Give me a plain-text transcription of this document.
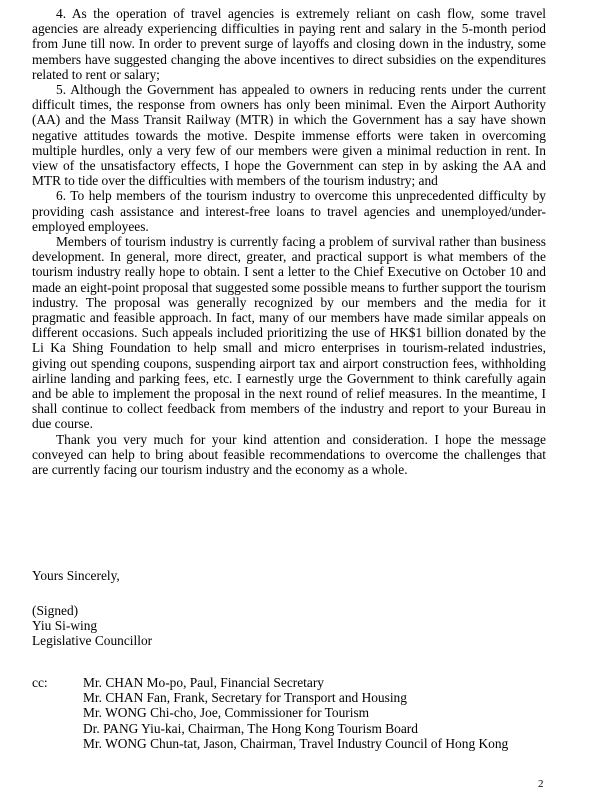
4. As the operation of travel agencies is extremely reliant on cash flow, some travel agencies are already experiencing difficulties in paying rent and salary in the 5-month period from June till now. In order to prevent surge of layoffs and closing down in the industry, some members have suggested changing the above incentives to direct subsidies on the expenditures related to rent or salary;

5. Although the Government has appealed to owners in reducing rents under the current difficult times, the response from owners has only been minimal. Even the Airport Authority (AA) and the Mass Transit Railway (MTR) in which the Government has a say have shown negative attitudes towards the motive. Despite immense efforts were taken in overcoming multiple hurdles, only a very few of our members were given a minimal reduction in rent. In view of the unsatisfactory effects, I hope the Government can step in by asking the AA and MTR to tide over the difficulties with members of the tourism industry; and

6. To help members of the tourism industry to overcome this unprecedented difficulty by providing cash assistance and interest-free loans to travel agencies and unemployed/under-employed employees.

Members of tourism industry is currently facing a problem of survival rather than business development. In general, more direct, greater, and practical support is what members of the tourism industry really hope to obtain. I sent a letter to the Chief Executive on October 10 and made an eight-point proposal that suggested some possible means to further support the tourism industry. The proposal was generally recognized by our members and the media for it pragmatic and feasible approach. In fact, many of our members have made similar appeals on different occasions. Such appeals included prioritizing the use of HK$1 billion donated by the Li Ka Shing Foundation to help small and micro enterprises in tourism-related industries, giving out spending coupons, suspending airport tax and airport construction fees, withholding airline landing and parking fees, etc. I earnestly urge the Government to think carefully again and be able to implement the proposal in the next round of relief measures. In the meantime, I shall continue to collect feedback from members of the industry and report to your Bureau in due course.

Thank you very much for your kind attention and consideration. I hope the message conveyed can help to bring about feasible recommendations to overcome the challenges that are currently facing our tourism industry and the economy as a whole.

Yours Sincerely,
(Signed)
Yiu Si-wing
Legislative Councillor
cc:	Mr. CHAN Mo-po, Paul, Financial Secretary
Mr. CHAN Fan, Frank, Secretary for Transport and Housing
Mr. WONG Chi-cho, Joe, Commissioner for Tourism
Dr. PANG Yiu-kai, Chairman, The Hong Kong Tourism Board
Mr. WONG Chun-tat, Jason, Chairman, Travel Industry Council of Hong Kong
2
